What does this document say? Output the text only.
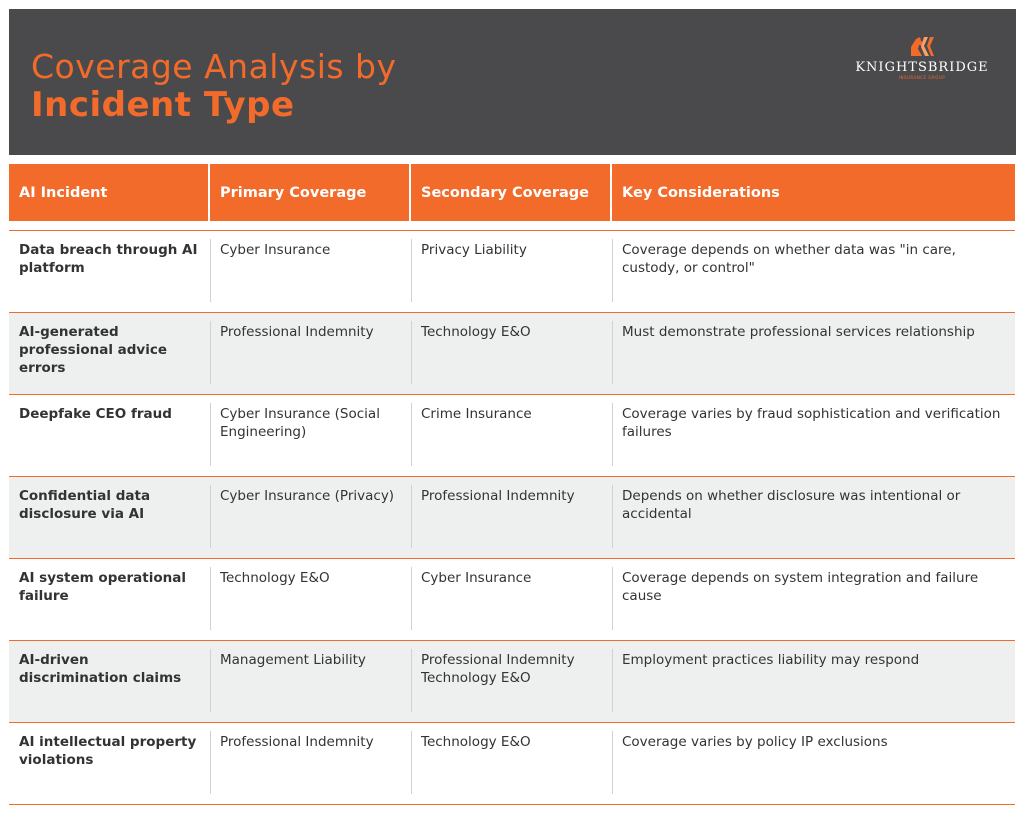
Coverage Analysis by
Incident Type
KNIGHTSBRIDGE
INSURANCE GROUP
AI Incident	Primary Coverage	Secondary Coverage	Key Considerations

Data breach through AI platform	Cyber Insurance	Privacy Liability	Coverage depends on whether data was "in care, custody, or control"
AI-generated professional advice errors	Professional Indemnity	Technology E&O	Must demonstrate professional services relationship
Deepfake CEO fraud	Cyber Insurance (Social Engineering)	Crime Insurance	Coverage varies by fraud sophistication and verification failures
Confidential data disclosure via AI	Cyber Insurance (Privacy)	Professional Indemnity	Depends on whether disclosure was intentional or accidental
AI system operational failure	Technology E&O	Cyber Insurance	Coverage depends on system integration and failure cause
AI-driven discrimination claims	Management Liability	Professional Indemnity Technology E&O	Employment practices liability may respond
AI intellectual property violations	Professional Indemnity	Technology E&O	Coverage varies by policy IP exclusions
